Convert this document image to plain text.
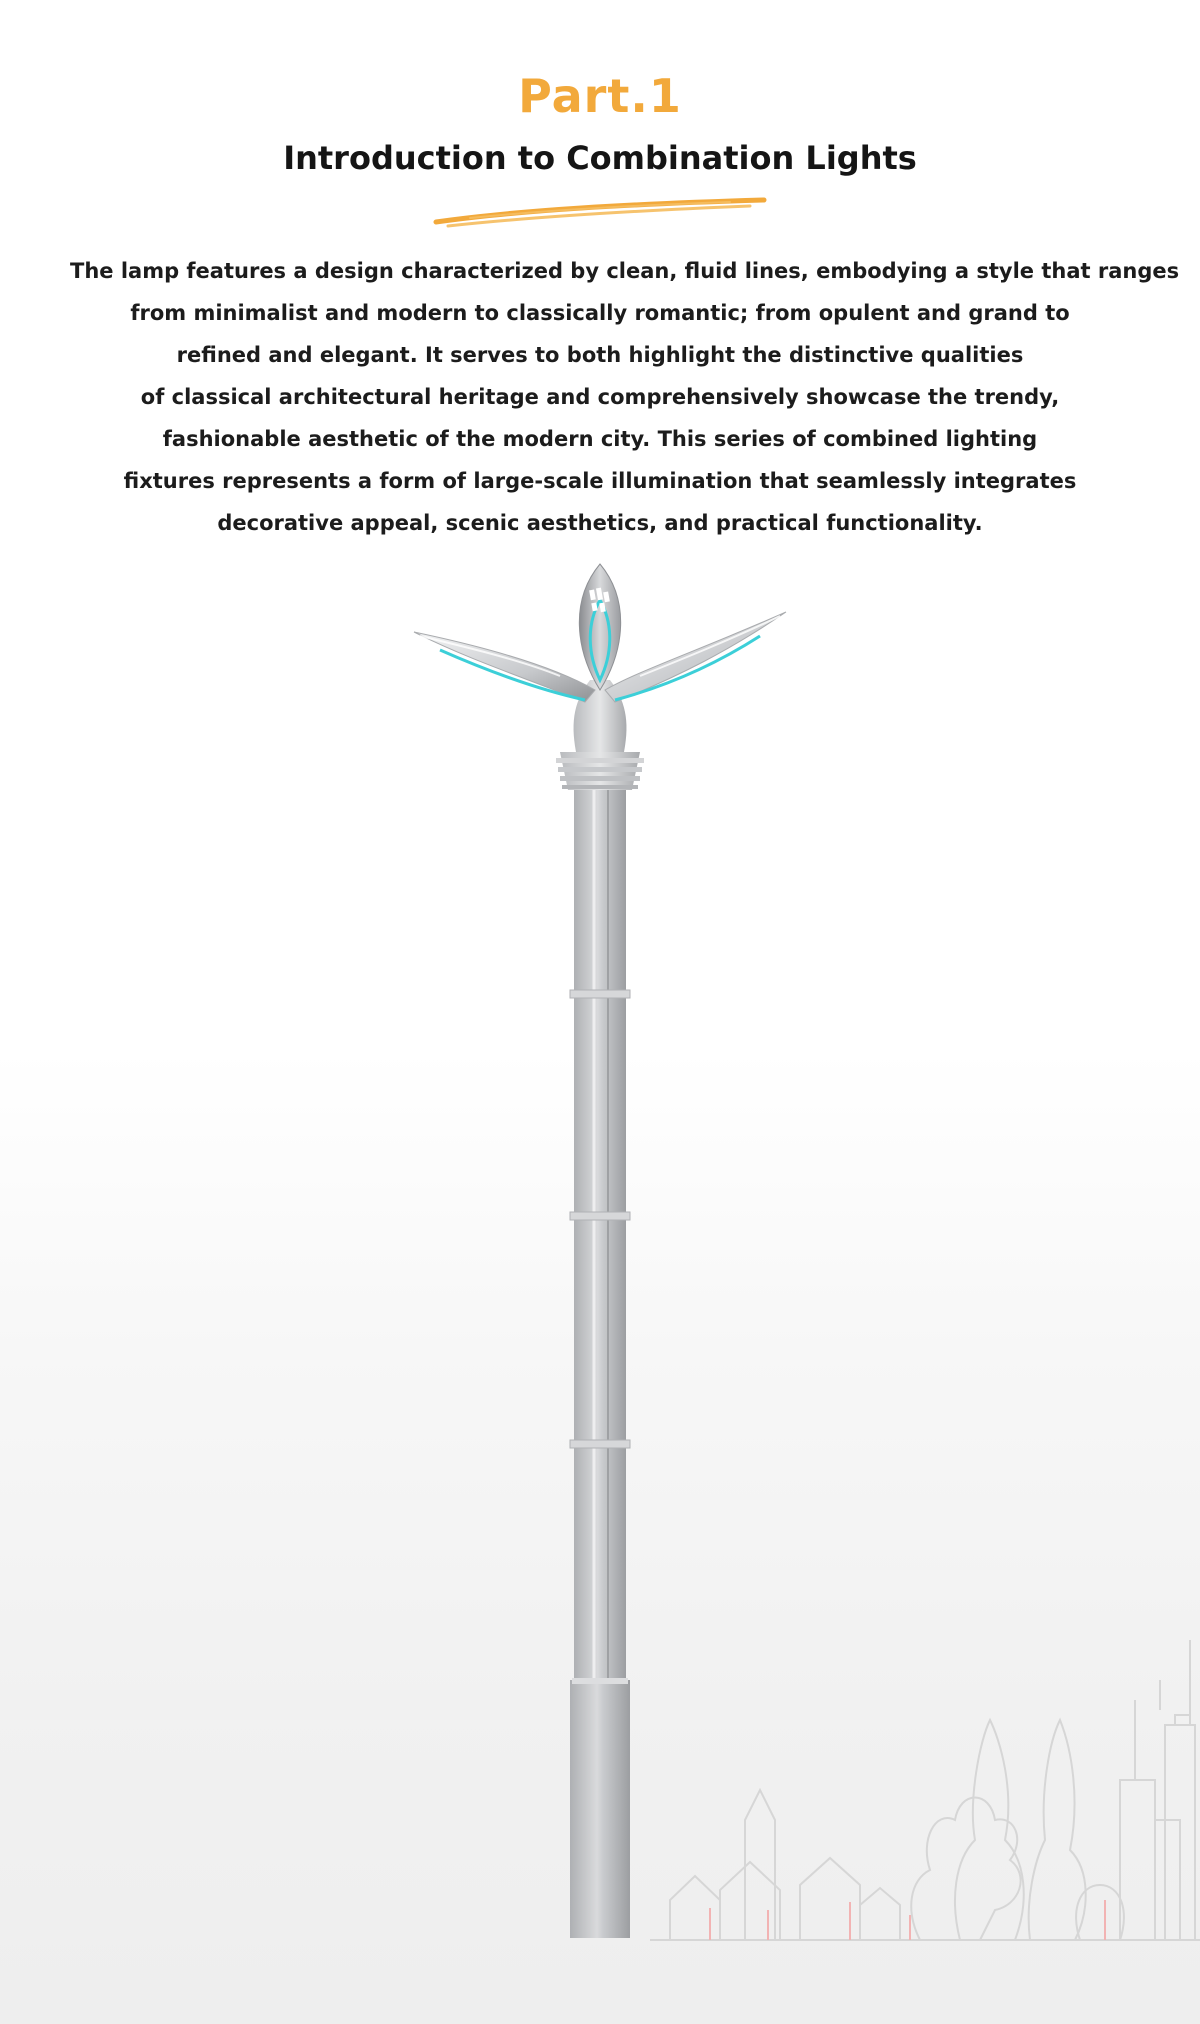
Part.1
Introduction to Combination Lights
The lamp features a design characterized by clean, fluid lines, embodying a style that ranges
from minimalist and modern to classically romantic; from opulent and grand to
refined and elegant. It serves to both highlight the distinctive qualities
of classical architectural heritage and comprehensively showcase the trendy,
fashionable aesthetic of the modern city. This series of combined lighting
fixtures represents a form of large-scale illumination that seamlessly integrates
decorative appeal, scenic aesthetics, and practical functionality.
